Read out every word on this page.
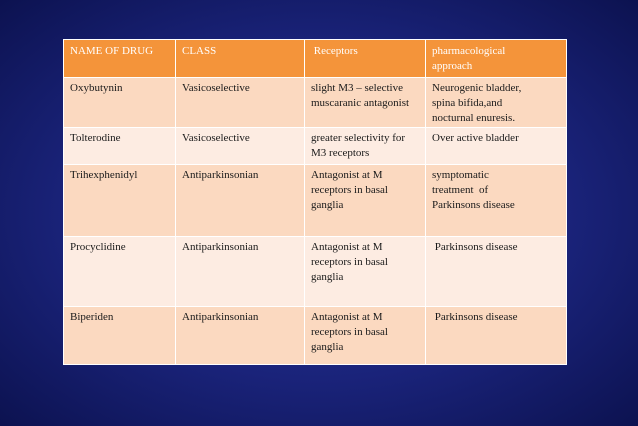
NAME OF DRUG	CLASS	Receptors	pharmacological
approach
Oxybutynin	Vasicoselective	slight M3 – selective
muscaranic antagonist	Neurogenic bladder,
spina bifida,and
nocturnal enuresis.
Tolterodine	Vasicoselective	greater selectivity for
M3 receptors	Over active bladder
Trihexphenidyl	Antiparkinsonian	Antagonist at M
receptors in basal
ganglia	symptomatic
treatment  of
Parkinsons disease
Procyclidine	Antiparkinsonian	Antagonist at M
receptors in basal
ganglia	Parkinsons disease
Biperiden	Antiparkinsonian	Antagonist at M
receptors in basal
ganglia	Parkinsons disease
